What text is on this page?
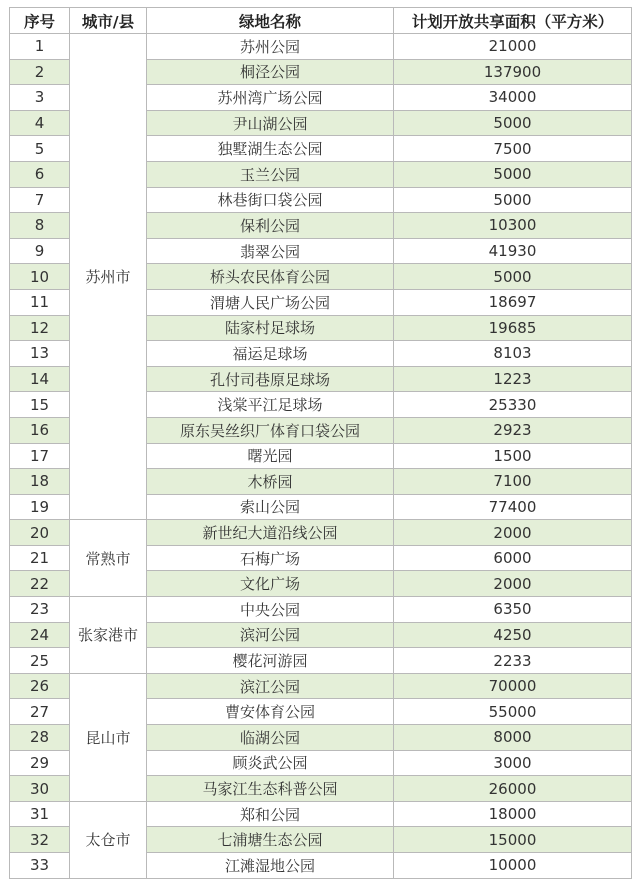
序号	城市/县	绿地名称	计划开放共享面积（平方米）
1	苏州市	苏州公园	21000
2		桐泾公园	137900
3		苏州湾广场公园	34000
4		尹山湖公园	5000
5		独墅湖生态公园	7500
6		玉兰公园	5000
7		林巷街口袋公园	5000
8		保利公园	10300
9		翡翠公园	41930
10		桥头农民体育公园	5000
11		渭塘人民广场公园	18697
12		陆家村足球场	19685
13		福运足球场	8103
14		孔付司巷原足球场	1223
15		浅棠平江足球场	25330
16		原东吴丝织厂体育口袋公园	2923
17		曙光园	1500
18		木桥园	7100
19		索山公园	77400
20	常熟市	新世纪大道沿线公园	2000
21		石梅广场	6000
22		文化广场	2000
23	张家港市	中央公园	6350
24		滨河公园	4250
25		樱花河游园	2233
26	昆山市	滨江公园	70000
27		曹安体育公园	55000
28		临湖公园	8000
29		顾炎武公园	3000
30		马家江生态科普公园	26000
31	太仓市	郑和公园	18000
32		七浦塘生态公园	15000
33		江滩湿地公园	10000
